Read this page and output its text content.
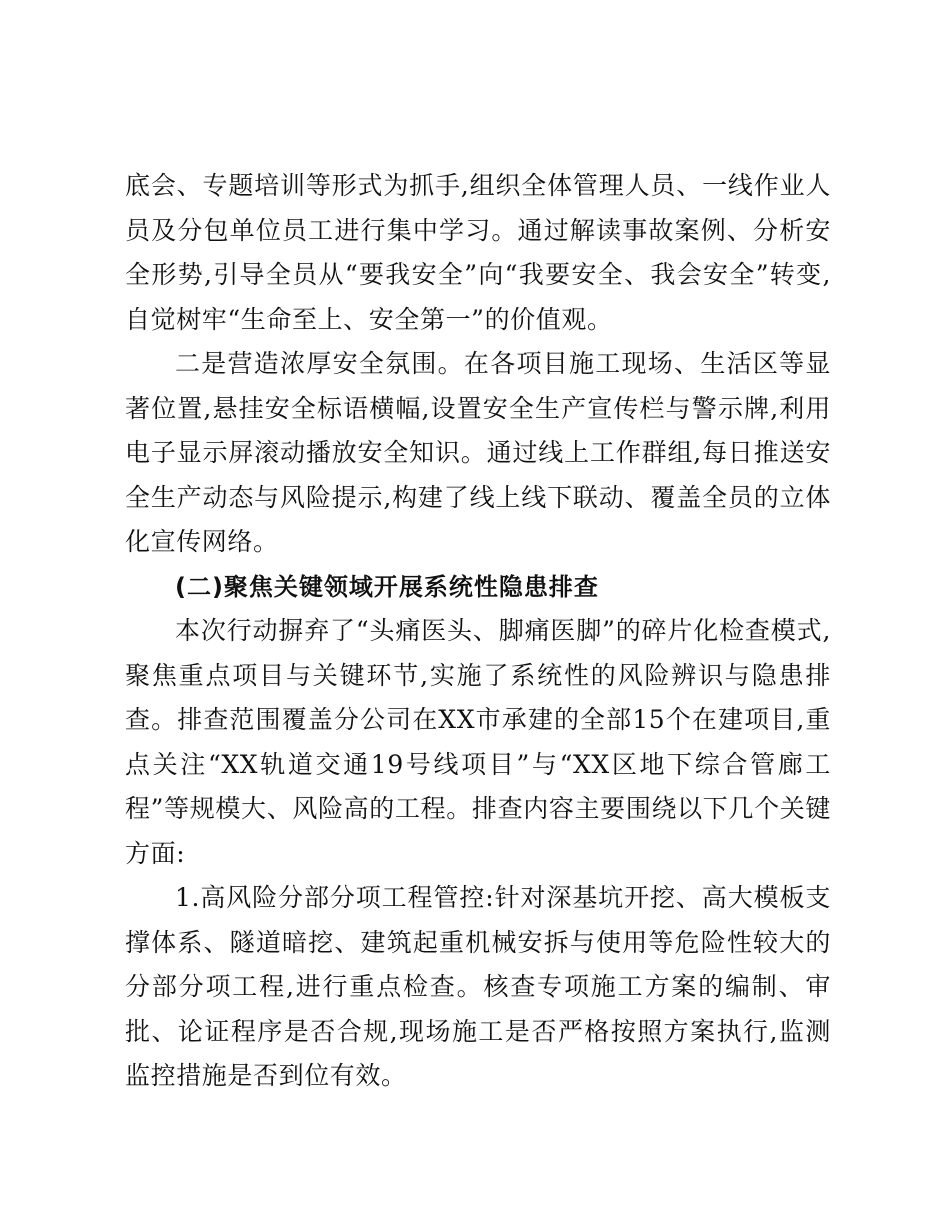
底会、专题培训等形式为抓手,组织全体管理人员、一线作业人员及分包单位员工进行集中学习。通过解读事故案例、分析安全形势,引导全员从“要我安全”向“我要安全、我会安全”转变,自觉树牢“生命至上、安全第一”的价值观。

二是营造浓厚安全氛围。在各项目施工现场、生活区等显著位置,悬挂安全标语横幅,设置安全生产宣传栏与警示牌,利用电子显示屏滚动播放安全知识。通过线上工作群组,每日推送安全生产动态与风险提示,构建了线上线下联动、覆盖全员的立体化宣传网络。

(二)聚焦关键领域开展系统性隐患排查

本次行动摒弃了“头痛医头、脚痛医脚”的碎片化检查模式,聚焦重点项目与关键环节,实施了系统性的风险辨识与隐患排查。排查范围覆盖分公司在XX市承建的全部15个在建项目,重点关注“XX轨道交通19号线项目”与“XX区地下综合管廊工程”等规模大、风险高的工程。排查内容主要围绕以下几个关键方面:

1.高风险分部分项工程管控:针对深基坑开挖、高大模板支撑体系、隧道暗挖、建筑起重机械安拆与使用等危险性较大的分部分项工程,进行重点检查。核查专项施工方案的编制、审批、论证程序是否合规,现场施工是否严格按照方案执行,监测监控措施是否到位有效。
